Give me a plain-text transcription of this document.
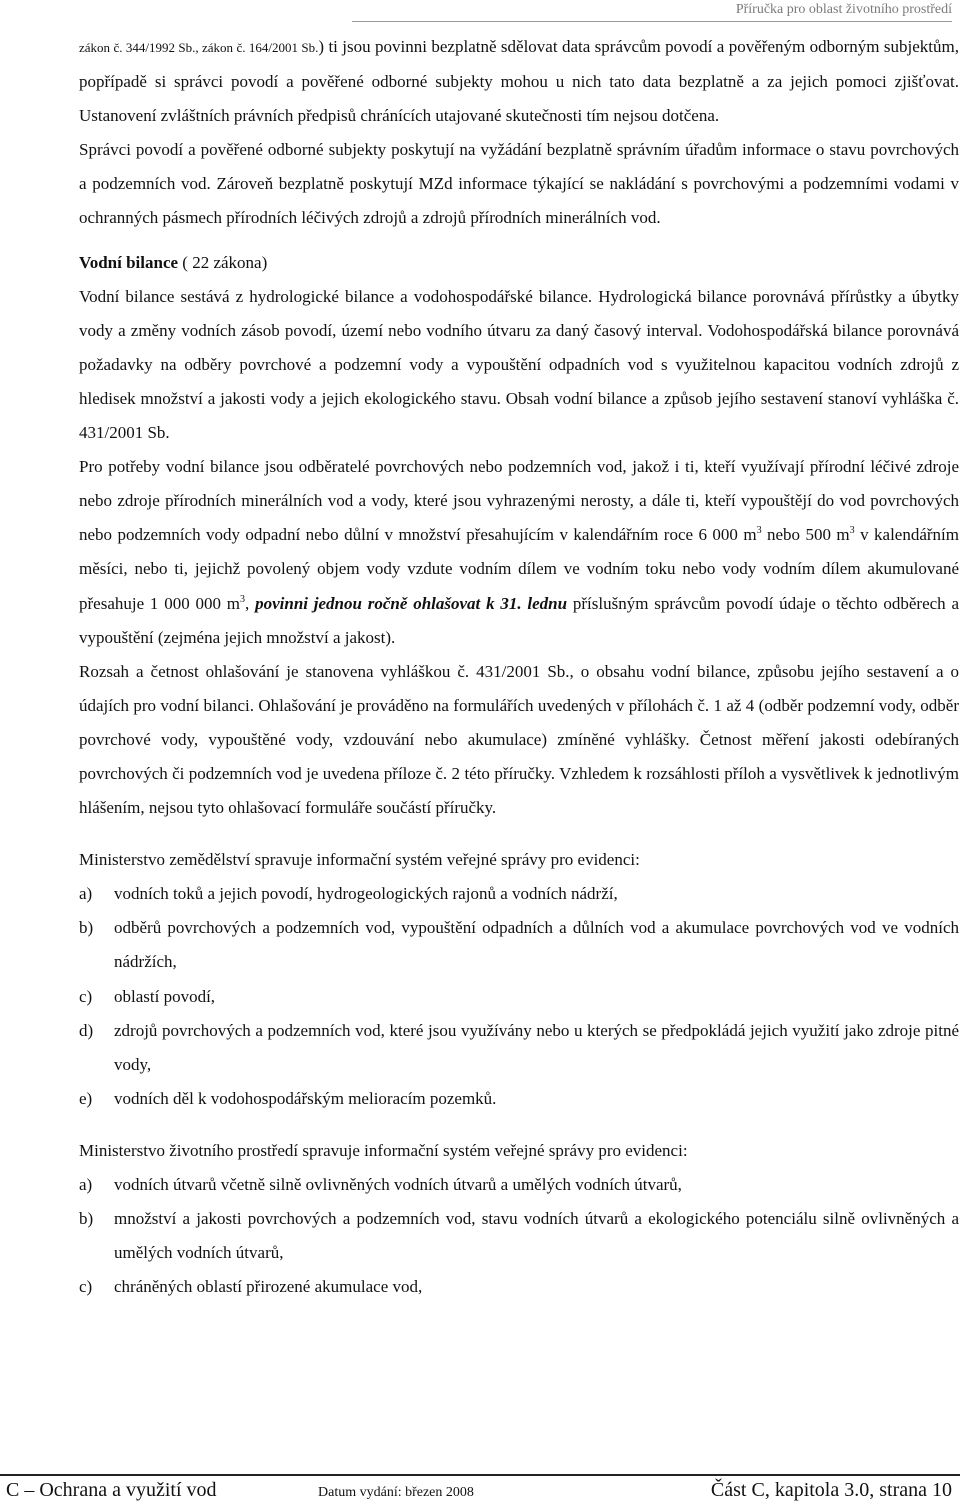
Příručka pro oblast životního prostředí

zákon č. 344/1992 Sb., zákon č. 164/2001 Sb.) ti jsou povinni bezplatně sdělovat data správcům povodí a pověřeným odborným subjektům, popřípadě si správci povodí a pověřené odborné subjekty mohou u nich tato data bezplatně a za jejich pomoci zjišťovat. Ustanovení zvláštních právních předpisů chránících utajované skutečnosti tím nejsou dotčena.

Správci povodí a pověřené odborné subjekty poskytují na vyžádání bezplatně správním úřadům informace o stavu povrchových a podzemních vod. Zároveň bezplatně poskytují MZd informace týkající se nakládání s povrchovými a podzemními vodami v ochranných pásmech přírodních léčivých zdrojů a zdrojů přírodních minerálních vod.

Vodní bilance ( 22 zákona)

Vodní bilance sestává z hydrologické bilance a vodohospodářské bilance. Hydrologická bilance porovnává přírůstky a úbytky vody a změny vodních zásob povodí, území nebo vodního útvaru za daný časový interval. Vodohospodářská bilance porovnává požadavky na odběry povrchové a podzemní vody a vypouštění odpadních vod s využitelnou kapacitou vodních zdrojů z hledisek množství a jakosti vody a jejich ekologického stavu. Obsah vodní bilance a způsob jejího sestavení stanoví vyhláška č. 431/2001 Sb.

Pro potřeby vodní bilance jsou odběratelé povrchových nebo podzemních vod, jakož i ti, kteří využívají přírodní léčivé zdroje nebo zdroje přírodních minerálních vod a vody, které jsou vyhrazenými nerosty, a dále ti, kteří vypouštějí do vod povrchových nebo podzemních vody odpadní nebo důlní v množství přesahujícím v kalendářním roce 6 000 $m^3$ nebo 500 $m^3$ v kalendářním měsíci, nebo ti, jejichž povolený objem vody vzdute vodním dílem ve vodním toku nebo vody vodním dílem akumulované přesahuje 1 000 000 $m^3$, povinni jednou ročně ohlašovat k 31. lednu příslušným správcům povodí údaje o těchto odběrech a vypouštění (zejména jejich množství a jakost).

Rozsah a četnost ohlašování je stanovena vyhláškou č. 431/2001 Sb., o obsahu vodní bilance, způsobu jejího sestavení a o údajích pro vodní bilanci. Ohlašování je prováděno na formulářích uvedených v přílohách č. 1 až 4 (odběr podzemní vody, odběr povrchové vody, vypouštěné vody, vzdouvání nebo akumulace) zmíněné vyhlášky. Četnost měření jakosti odebíraných povrchových či podzemních vod je uvedena příloze č. 2 této příručky. Vzhledem k rozsáhlosti příloh a vysvětlivek k jednotlivým hlášením, nejsou tyto ohlašovací formuláře součástí příručky.

Ministerstvo zemědělství spravuje informační systém veřejné správy pro evidenci:

a)	vodních toků a jejich povodí, hydrogeologických rajonů a vodních nádrží,
b)	odběrů povrchových a podzemních vod, vypouštění odpadních a důlních vod a akumulace povrchových vod ve vodních nádržích,
c)	oblastí povodí,
d)	zdrojů povrchových a podzemních vod, které jsou využívány nebo u kterých se předpokládá jejich využití jako zdroje pitné vody,
e)	vodních děl k vodohospodářským melioracím pozemků.

Ministerstvo životního prostředí spravuje informační systém veřejné správy pro evidenci:

a)	vodních útvarů včetně silně ovlivněných vodních útvarů a umělých vodních útvarů,
b)	množství a jakosti povrchových a podzemních vod, stavu vodních útvarů a ekologického potenciálu silně ovlivněných a umělých vodních útvarů,
c)	chráněných oblastí přirozené akumulace vod,
C – Ochrana a využití vod	Datum vydání: březen 2008	Část C, kapitola 3.0, strana 10
